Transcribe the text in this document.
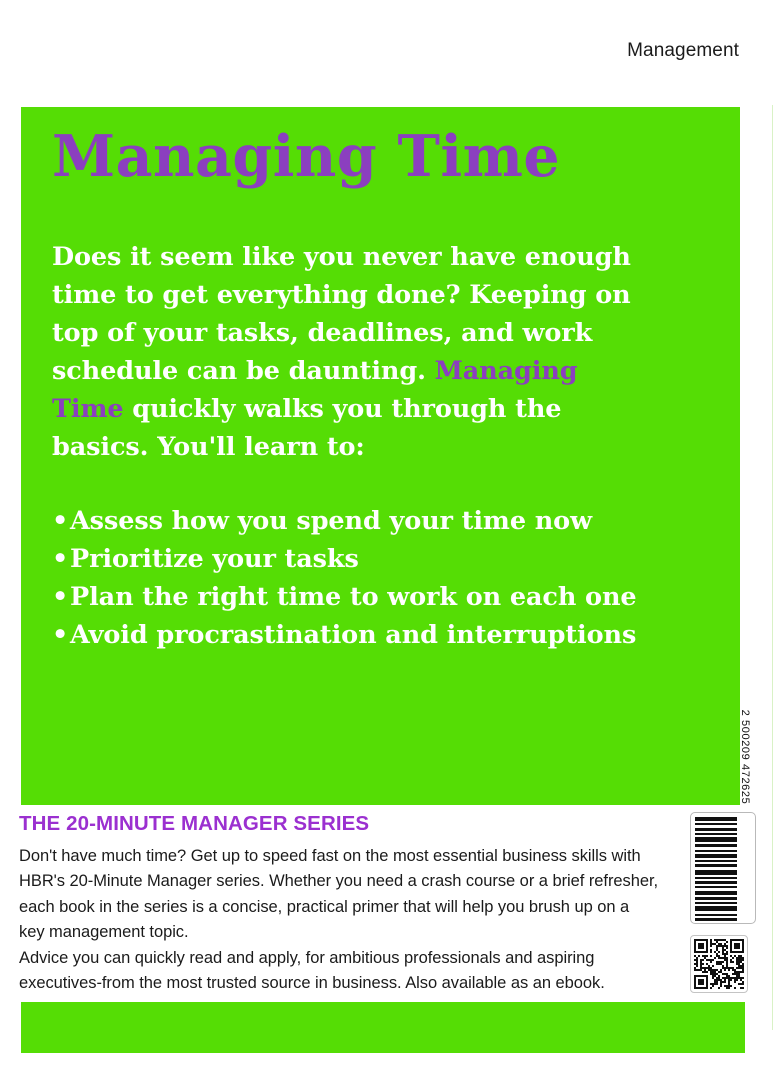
Management
Managing Time
Does it seem like you never have enough time to get everything done? Keeping on top of your tasks, deadlines, and work schedule can be daunting. Managing Time quickly walks you through the basics. You'll learn to:
•Assess how you spend your time now
•Prioritize your tasks
•Plan the right time to work on each one
•Avoid procrastination and interruptions

THE 20-MINUTE MANAGER SERIES

Don't have much time? Get up to speed fast on the most essential business skills with HBR's 20-Minute Manager series. Whether you need a crash course or a brief refresher, each book in the series is a concise, practical primer that will help you brush up on a key management topic.

Advice you can quickly read and apply, for ambitious professionals and aspiring executives-from the most trusted source in business. Also available as an ebook.

2 500209 472625
